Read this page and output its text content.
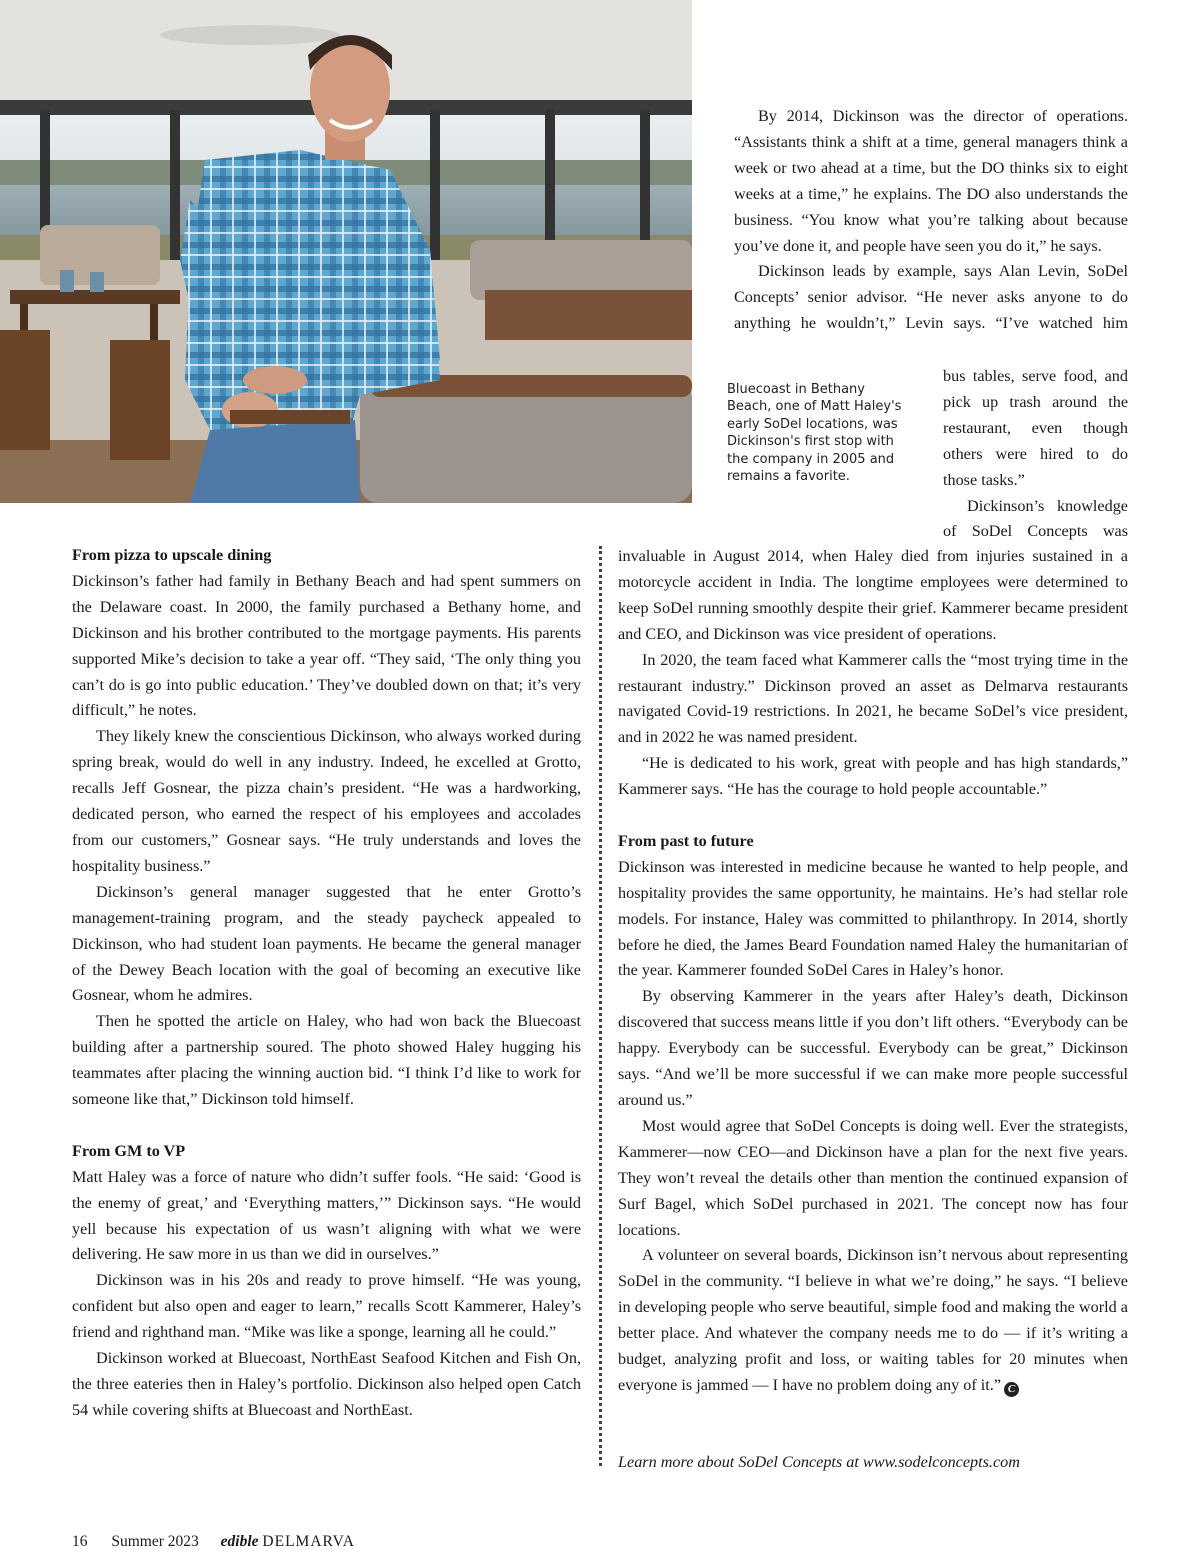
By 2014, Dickinson was the director of operations. “Assistants think a shift at a time, general managers think a week or two ahead at a time, but the DO thinks six to eight weeks at a time,” he explains. The DO also understands the business. “You know what you’re talking about because you’ve done it, and people have seen you do it,” he says.

Dickinson leads by example, says Alan Levin, SoDel Concepts’ senior advisor. “He never asks anyone to do anything he wouldn’t,” Levin says. “I’ve watched him

Bluecoast in Bethany Beach, one of Matt Haley's early SoDel locations, was Dickinson's first stop with the company in 2005 and remains a favorite.

bus tables, serve food, and pick up trash around the restaurant, even though others were hired to do those tasks.”

Dickinson’s knowledge of SoDel Concepts was

From pizza to upscale dining

Dickinson’s father had family in Bethany Beach and had spent summers on the Delaware coast. In 2000, the family purchased a Bethany home, and Dickinson and his brother contributed to the mortgage payments. His parents supported Mike’s decision to take a year off. “They said, ‘The only thing you can’t do is go into public education.’ They’ve doubled down on that; it’s very difficult,” he notes.

They likely knew the conscientious Dickinson, who always worked during spring break, would do well in any industry. Indeed, he excelled at Grotto, recalls Jeff Gosnear, the pizza chain’s president. “He was a hardworking, dedicated person, who earned the respect of his employees and accolades from our customers,” Gosnear says. “He truly understands and loves the hospitality business.”

Dickinson’s general manager suggested that he enter Grotto’s management-training program, and the steady paycheck appealed to Dickinson, who had student loan payments. He became the general manager of the Dewey Beach location with the goal of becoming an executive like Gosnear, whom he admires.

Then he spotted the article on Haley, who had won back the Bluecoast building after a partnership soured. The photo showed Haley hugging his teammates after placing the winning auction bid. “I think I’d like to work for someone like that,” Dickinson told himself.

From GM to VP

Matt Haley was a force of nature who didn’t suffer fools. “He said: ‘Good is the enemy of great,’ and ‘Everything matters,’” Dickinson says. “He would yell because his expectation of us wasn’t aligning with what we were delivering. He saw more in us than we did in ourselves.”

Dickinson was in his 20s and ready to prove himself. “He was young, confident but also open and eager to learn,” recalls Scott Kammerer, Haley’s friend and righthand man. “Mike was like a sponge, learning all he could.”

Dickinson worked at Bluecoast, NorthEast Seafood Kitchen and Fish On, the three eateries then in Haley’s portfolio. Dickinson also helped open Catch 54 while covering shifts at Bluecoast and NorthEast.

invaluable in August 2014, when Haley died from injuries sustained in a motorcycle accident in India. The longtime employees were determined to keep SoDel running smoothly despite their grief. Kammerer became president and CEO, and Dickinson was vice president of operations.

In 2020, the team faced what Kammerer calls the “most trying time in the restaurant industry.” Dickinson proved an asset as Delmarva restaurants navigated Covid-19 restrictions. In 2021, he became SoDel’s vice president, and in 2022 he was named president.

“He is dedicated to his work, great with people and has high standards,” Kammerer says. “He has the courage to hold people accountable.”

From past to future

Dickinson was interested in medicine because he wanted to help people, and hospitality provides the same opportunity, he maintains. He’s had stellar role models. For instance, Haley was committed to philanthropy. In 2014, shortly before he died, the James Beard Foundation named Haley the humanitarian of the year. Kammerer founded SoDel Cares in Haley’s honor.

By observing Kammerer in the years after Haley’s death, Dickinson discovered that success means little if you don’t lift others. “Everybody can be happy. Everybody can be successful. Everybody can be great,” Dickinson says. “And we’ll be more successful if we can make more people successful around us.”

Most would agree that SoDel Concepts is doing well. Ever the strategists, Kammerer—now CEO—and Dickinson have a plan for the next five years. They won’t reveal the details other than mention the continued expansion of Surf Bagel, which SoDel purchased in 2021. The concept now has four locations.

A volunteer on several boards, Dickinson isn’t nervous about representing SoDel in the community. “I believe in what we’re doing,” he says. “I believe in developing people who serve beautiful, simple food and making the world a better place. And whatever the company needs me to do — if it’s writing a budget, analyzing profit and loss, or waiting tables for 20 minutes when everyone is jammed — I have no problem doing any of it.” C

Learn more about SoDel Concepts at www.sodelconcepts.com
16 Summer 2023 edible DELMARVA
